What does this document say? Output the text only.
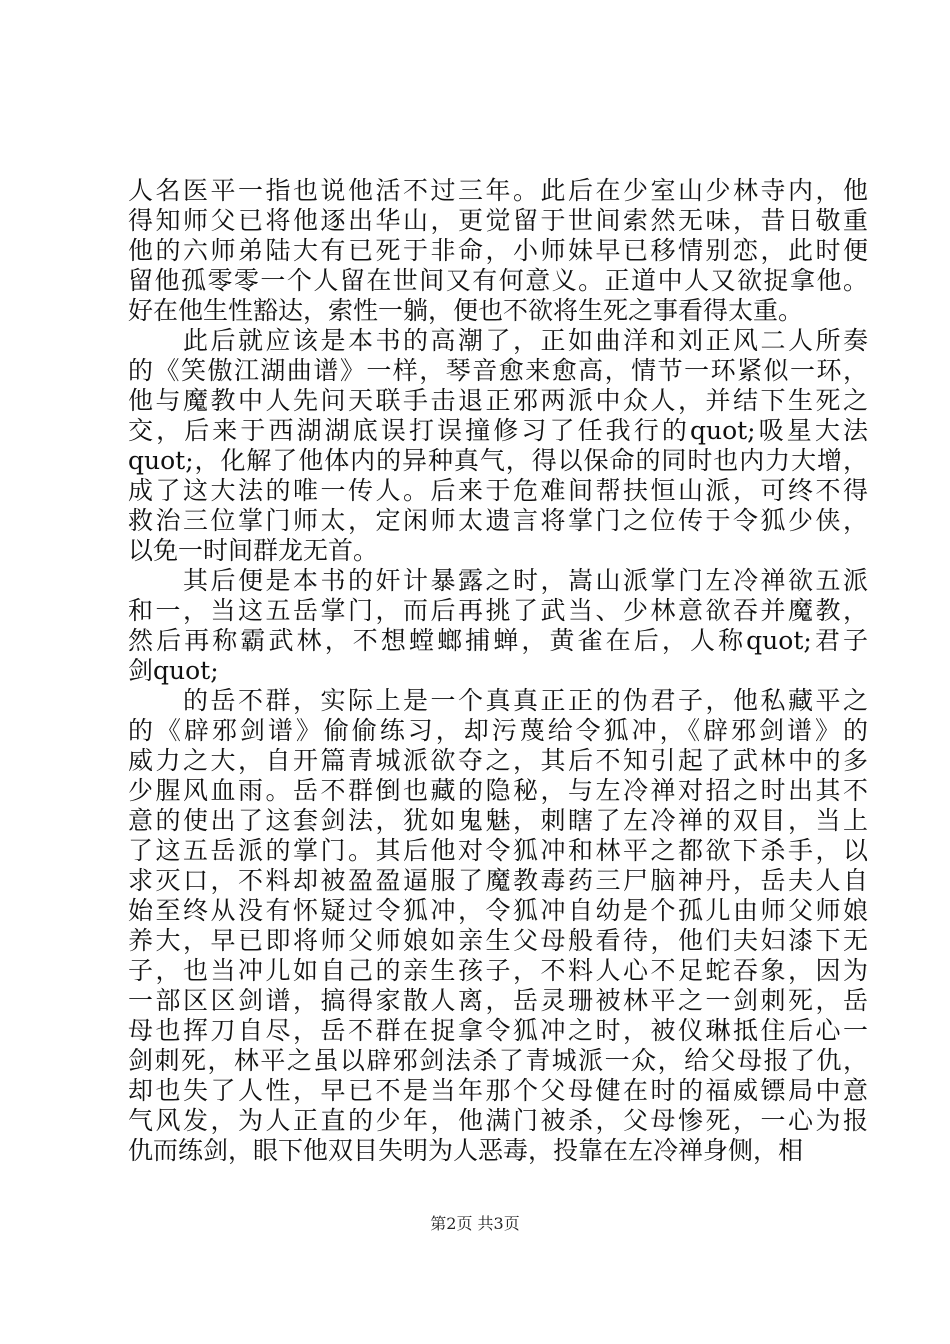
人名医平一指也说他活不过三年。此后在少室山少林寺内，他
得知师父已将他逐出华山，更觉留于世间索然无味，昔日敬重
他的六师弟陆大有已死于非命，小师妹早已移情别恋，此时便
留他孤零零一个人留在世间又有何意义。正道中人又欲捉拿他。
好在他生性豁达，索性一躺，便也不欲将生死之事看得太重。
　　此后就应该是本书的高潮了，正如曲洋和刘正风二人所奏
的《笑傲江湖曲谱》一样，琴音愈来愈高，情节一环紧似一环，
他与魔教中人先问天联手击退正邪两派中众人，并结下生死之
交，后来于西湖湖底误打误撞修习了任我行的quot;吸星大法
quot;，化解了他体内的异种真气，得以保命的同时也内力大增，
成了这大法的唯一传人。后来于危难间帮扶恒山派，可终不得
救治三位掌门师太，定闲师太遗言将掌门之位传于令狐少侠，
以免一时间群龙无首。
　　其后便是本书的奸计暴露之时，嵩山派掌门左冷禅欲五派
和一，当这五岳掌门，而后再挑了武当、少林意欲吞并魔教，
然后再称霸武林，不想螳螂捕蝉，黄雀在后，人称quot;君子
剑quot;
　　的岳不群，实际上是一个真真正正的伪君子，他私藏平之
的《辟邪剑谱》偷偷练习，却污蔑给令狐冲，《辟邪剑谱》的
威力之大，自开篇青城派欲夺之，其后不知引起了武林中的多
少腥风血雨。岳不群倒也藏的隐秘，与左冷禅对招之时出其不
意的使出了这套剑法，犹如鬼魅，刺瞎了左冷禅的双目，当上
了这五岳派的掌门。其后他对令狐冲和林平之都欲下杀手，以
求灭口，不料却被盈盈逼服了魔教毒药三尸脑神丹，岳夫人自
始至终从没有怀疑过令狐冲，令狐冲自幼是个孤儿由师父师娘
养大，早已即将师父师娘如亲生父母般看待，他们夫妇漆下无
子，也当冲儿如自己的亲生孩子，不料人心不足蛇吞象，因为
一部区区剑谱，搞得家散人离，岳灵珊被林平之一剑刺死，岳
母也挥刀自尽，岳不群在捉拿令狐冲之时，被仪琳抵住后心一
剑刺死，林平之虽以辟邪剑法杀了青城派一众，给父母报了仇，
却也失了人性，早已不是当年那个父母健在时的福威镖局中意
气风发，为人正直的少年，他满门被杀，父母惨死，一心为报
仇而练剑，眼下他双目失明为人恶毒，投靠在左冷禅身侧，相
第2页 共3页
